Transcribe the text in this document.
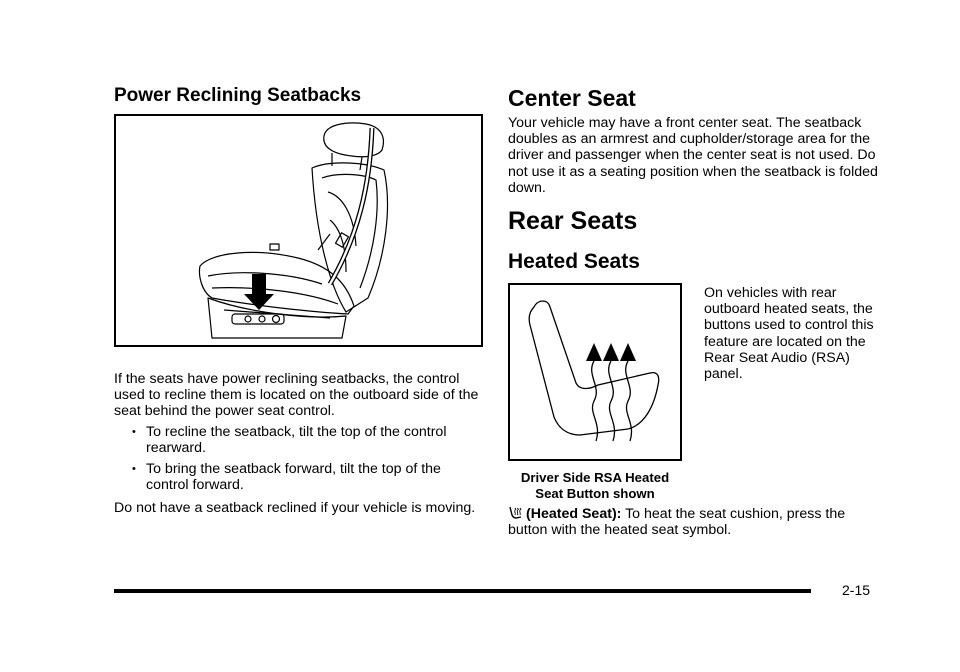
Power Reclining Seatbacks

If the seats have power reclining seatbacks, the control used to recline them is located on the outboard side of the seat behind the power seat control.

• To recline the seatback, tilt the top of the control rearward.
• To bring the seatback forward, tilt the top of the control forward.

Do not have a seatback reclined if your vehicle is moving.

Center Seat

Your vehicle may have a front center seat. The seatback doubles as an armrest and cupholder/storage area for the driver and passenger when the center seat is not used. Do not use it as a seating position when the seatback is folded down.

Rear Seats
Heated Seats

On vehicles with rear outboard heated seats, the buttons used to control this feature are located on the Rear Seat Audio (RSA) panel.

Driver Side RSA Heated Seat Button shown

(Heated Seat): To heat the seat cushion, press the button with the heated seat symbol.

2-15
